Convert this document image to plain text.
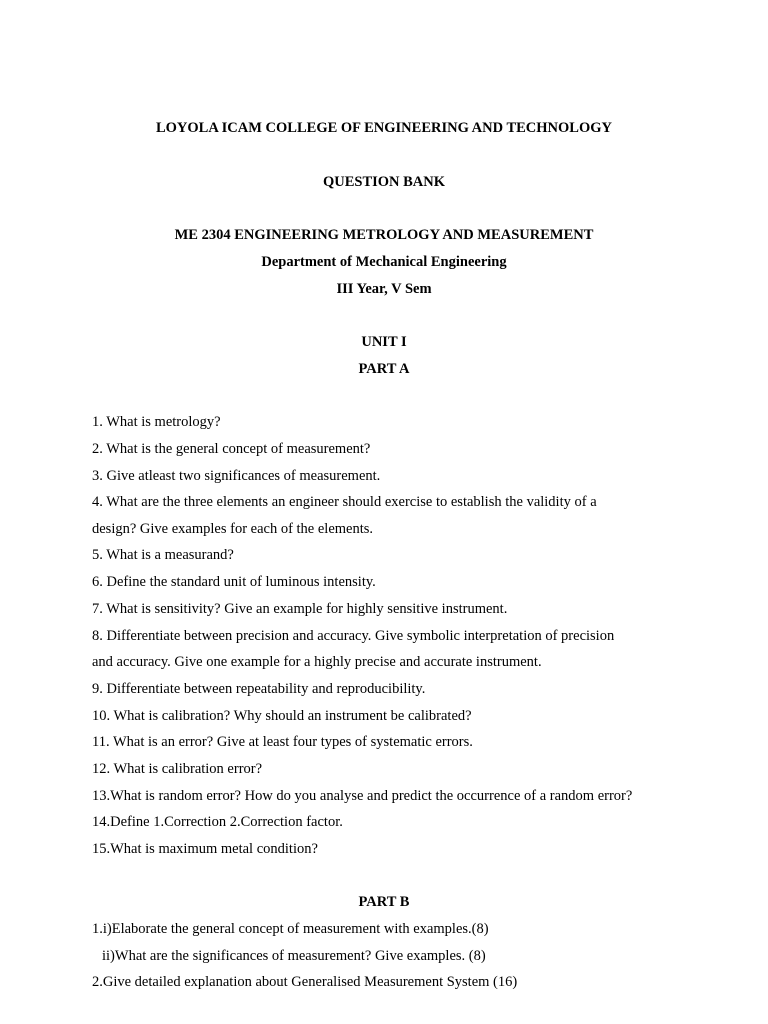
LOYOLA ICAM COLLEGE OF ENGINEERING AND TECHNOLOGY
QUESTION BANK
ME 2304 ENGINEERING METROLOGY AND MEASUREMENT
Department of Mechanical Engineering
III Year, V Sem
UNIT I
PART A
1. What is metrology?
2. What is the general concept of measurement?
3. Give atleast two significances of measurement.
4. What are the three elements an engineer should exercise to establish the validity of a
design? Give examples for each of the elements.
5. What is a measurand?
6. Define the standard unit of luminous intensity.
7. What is sensitivity? Give an example for highly sensitive instrument.
8. Differentiate between precision and accuracy. Give symbolic interpretation of precision
and accuracy. Give one example for a highly precise and accurate instrument.
9. Differentiate between repeatability and reproducibility.
10. What is calibration? Why should an instrument be calibrated?
11. What is an error? Give at least four types of systematic errors.
12. What is calibration error?
13.What is random error? How do you analyse and predict the occurrence of a random error?
14.Define 1.Correction 2.Correction factor.
15.What is maximum metal condition?
PART B
1.i)Elaborate the general concept of measurement with examples.(8)
ii)What are the significances of measurement? Give examples. (8)
2.Give detailed explanation about Generalised Measurement System (16)
